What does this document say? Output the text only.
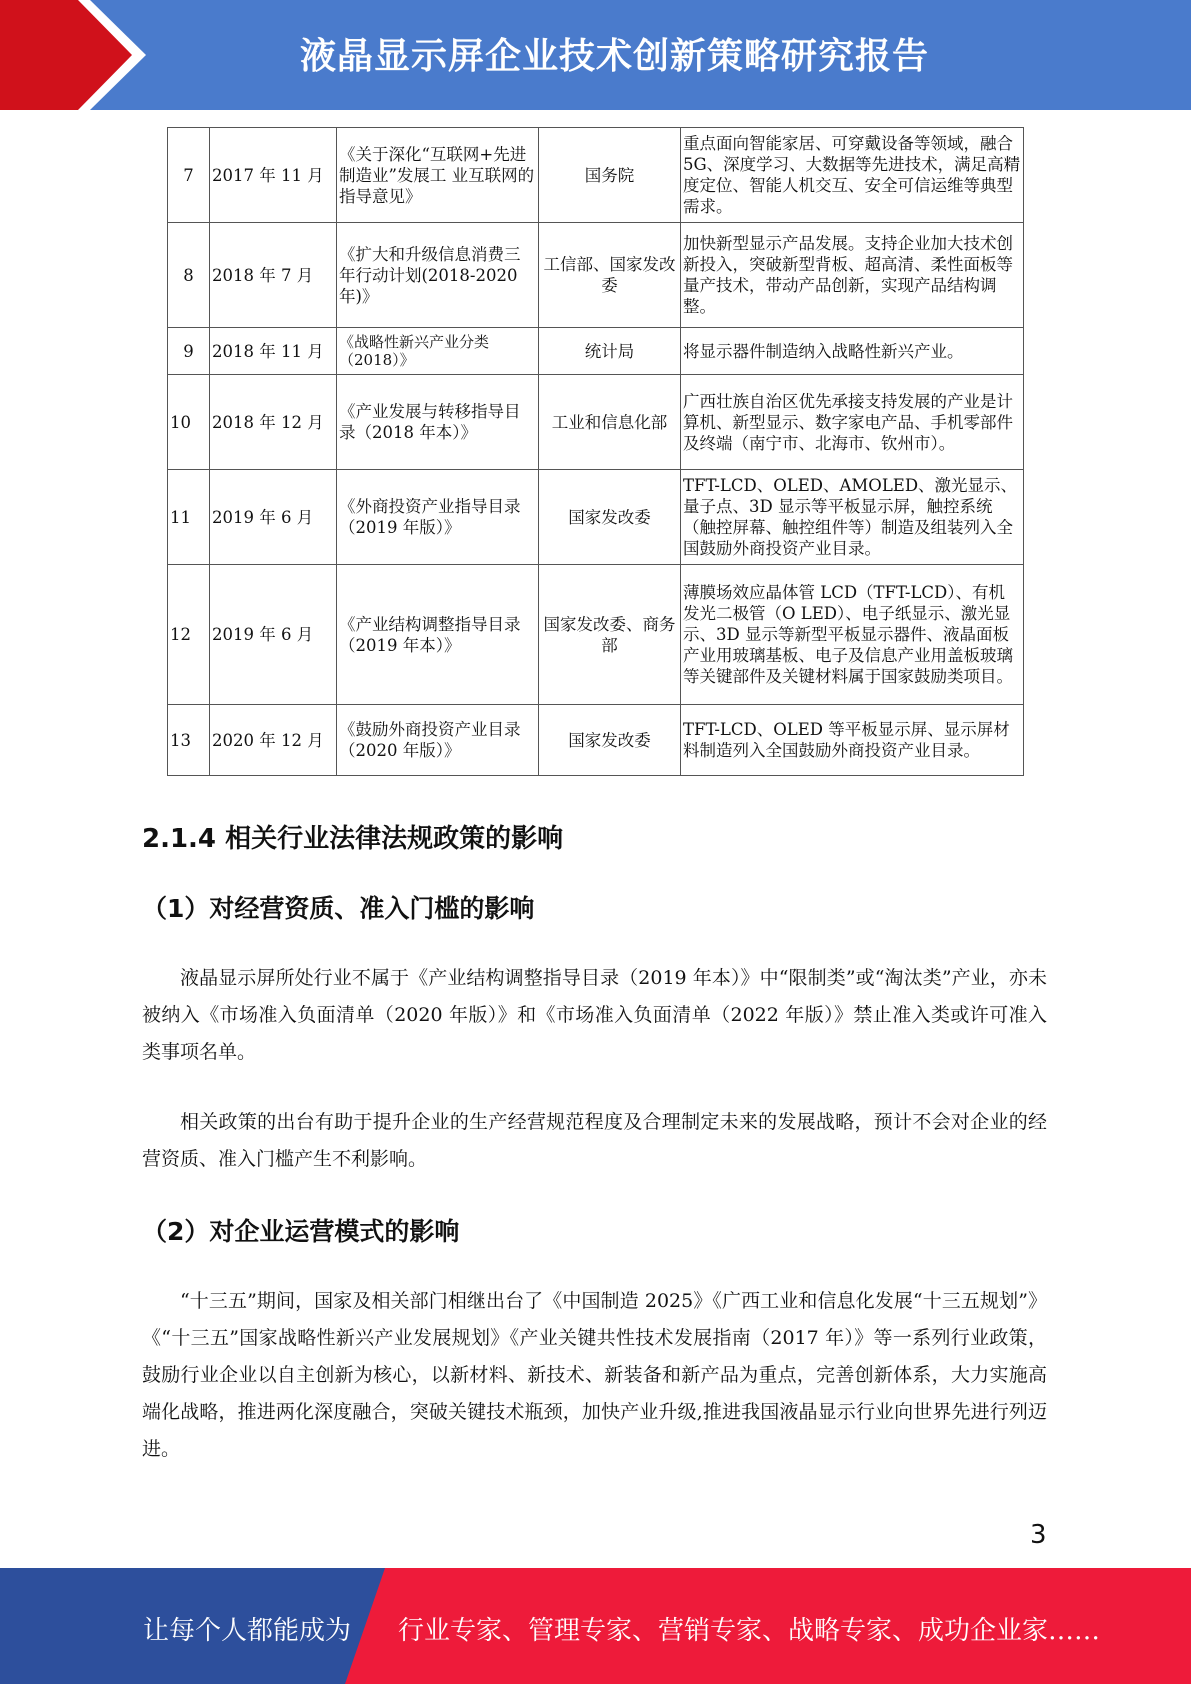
液晶显示屏企业技术创新策略研究报告
7	2017 年 11 月	《关于深化“互联网+先进制造业”发展工 业互联网的指导意见》	国务院	重点面向智能家居、可穿戴设备等领域，融合 5G、深度学习、大数据等先进技术，满足高精度定位、智能人机交互、安全可信运维等典型需求。
8	2018 年 7 月	《扩大和升级信息消费三年行动计划(2018-2020 年)》	工信部、国家发改委	加快新型显示产品发展。支持企业加大技术创新投入，突破新型背板、超高清、柔性面板等量产技术，带动产品创新，实现产品结构调整。
9	2018 年 11 月	《战略性新兴产业分类（2018）》	统计局	将显示器件制造纳入战略性新兴产业。
10	2018 年 12 月	《产业发展与转移指导目录（2018 年本）》	工业和信息化部	广西壮族自治区优先承接支持发展的产业是计算机、新型显示、数字家电产品、手机零部件及终端（南宁市、北海市、钦州市）。
11	2019 年 6 月	《外商投资产业指导目录（2019 年版）》	国家发改委	TFT-LCD、OLED、AMOLED、激光显示、量子点、3D 显示等平板显示屏，触控系统（触控屏幕、触控组件等）制造及组装列入全国鼓励外商投资产业目录。
12	2019 年 6 月	《产业结构调整指导目录（2019 年本）》	国家发改委、商务部	薄膜场效应晶体管 LCD（TFT-LCD）、有机发光二极管（O LED）、电子纸显示、激光显示、3D 显示等新型平板显示器件、液晶面板产业用玻璃基板、电子及信息产业用盖板玻璃等关键部件及关键材料属于国家鼓励类项目。
13	2020 年 12 月	《鼓励外商投资产业目录（2020 年版）》	国家发改委	TFT-LCD、OLED 等平板显示屏、显示屏材料制造列入全国鼓励外商投资产业目录。
2.1.4 相关行业法律法规政策的影响
（1）对经营资质、准入门槛的影响

液晶显示屏所处行业不属于《产业结构调整指导目录（2019 年本）》中“限制类”或“淘汰类”产业，亦未被纳入《市场准入负面清单（2020 年版）》和《市场准入负面清单（2022 年版）》禁止准入类或许可准入类事项名单。

相关政策的出台有助于提升企业的生产经营规范程度及合理制定未来的发展战略，预计不会对企业的经营资质、准入门槛产生不利影响。

（2）对企业运营模式的影响

“十三五”期间，国家及相关部门相继出台了《中国制造 2025》《广西工业和信息化发展“十三五规划”》《“十三五”国家战略性新兴产业发展规划》《产业关键共性技术发展指南（2017 年）》等一系列行业政策，鼓励行业企业以自主创新为核心，以新材料、新技术、新装备和新产品为重点，完善创新体系，大力实施高端化战略，推进两化深度融合，突破关键技术瓶颈，加快产业升级,推进我国液晶显示行业向世界先进行列迈进。

3
让每个人都能成为 行业专家、管理专家、营销专家、战略专家、成功企业家……
